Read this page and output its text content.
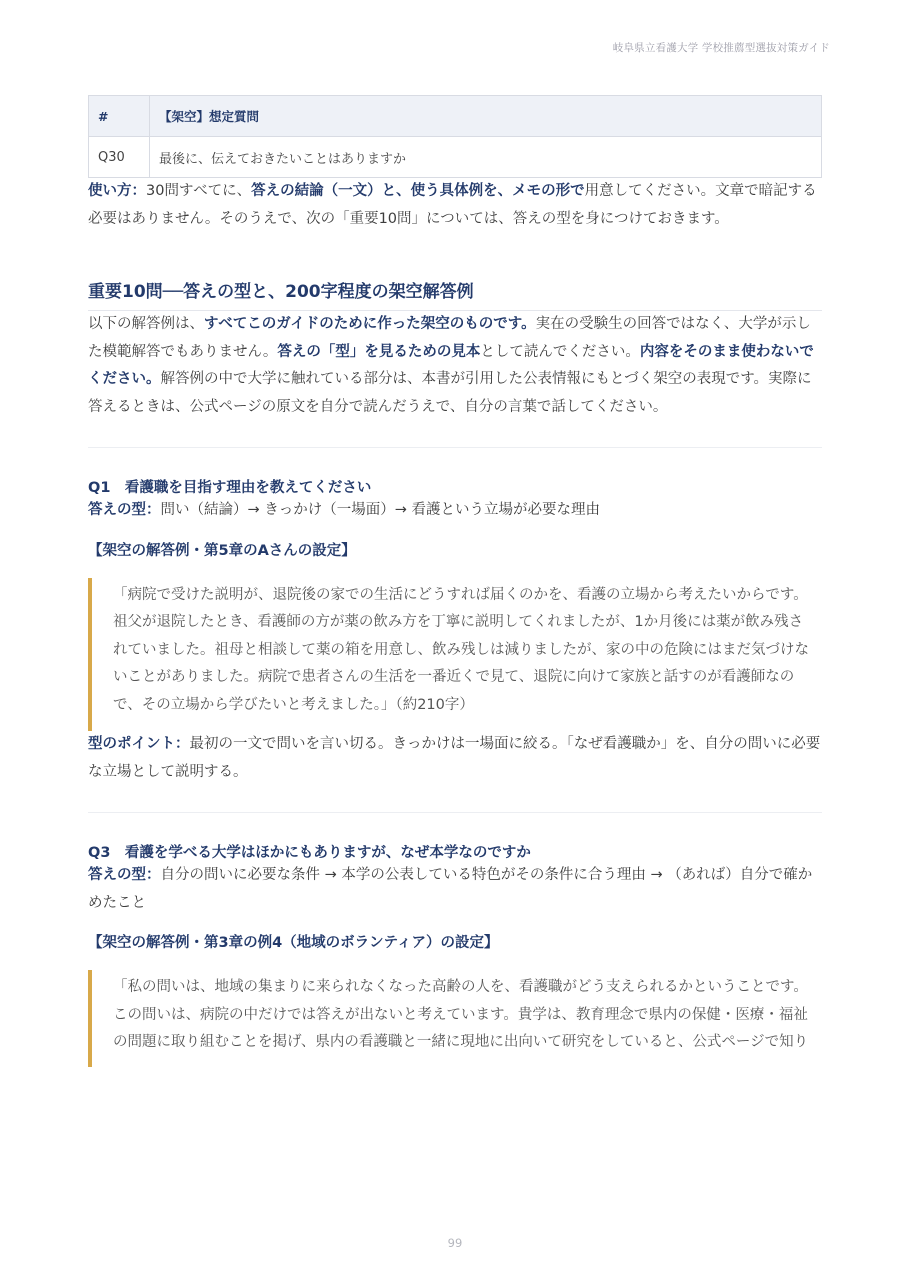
岐阜県立看護大学 学校推薦型選抜対策ガイド
#	【架空】想定質問
Q30	最後に、伝えておきたいことはありますか

使い方：30問すべてに、答えの結論（一文）と、使う具体例を、メモの形で用意してください。文章で暗記する必要はありません。そのうえで、次の「重要10問」については、答えの型を身につけておきます。

重要10問──答えの型と、200字程度の架空解答例

以下の解答例は、すべてこのガイドのために作った架空のものです。実在の受験生の回答ではなく、大学が示した模範解答でもありません。答えの「型」を見るための見本として読んでください。内容をそのまま使わないでください。解答例の中で大学に触れている部分は、本書が引用した公表情報にもとづく架空の表現です。実際に答えるときは、公式ページの原文を自分で読んだうえで、自分の言葉で話してください。

Q1　看護職を目指す理由を教えてください

答えの型：問い（結論）→ きっかけ（一場面）→ 看護という立場が必要な理由

【架空の解答例・第5章のAさんの設定】
「病院で受けた説明が、退院後の家での生活にどうすれば届くのかを、看護の立場から考えたいからです。祖父が退院したとき、看護師の方が薬の飲み方を丁寧に説明してくれましたが、1か月後には薬が飲み残されていました。祖母と相談して薬の箱を用意し、飲み残しは減りましたが、家の中の危険にはまだ気づけないことがありました。病院で患者さんの生活を一番近くで見て、退院に向けて家族と話すのが看護師なので、その立場から学びたいと考えました。」（約210字）

型のポイント：最初の一文で問いを言い切る。きっかけは一場面に絞る。「なぜ看護職か」を、自分の問いに必要な立場として説明する。

Q3　看護を学べる大学はほかにもありますが、なぜ本学なのですか

答えの型：自分の問いに必要な条件 → 本学の公表している特色がその条件に合う理由 → （あれば）自分で確かめたこと

【架空の解答例・第3章の例4（地域のボランティア）の設定】
「私の問いは、地域の集まりに来られなくなった高齢の人を、看護職がどう支えられるかということです。この問いは、病院の中だけでは答えが出ないと考えています。貴学は、教育理念で県内の保健・医療・福祉の問題に取り組むことを掲げ、県内の看護職と一緒に現地に出向いて研究をしていると、公式ページで知り
99
